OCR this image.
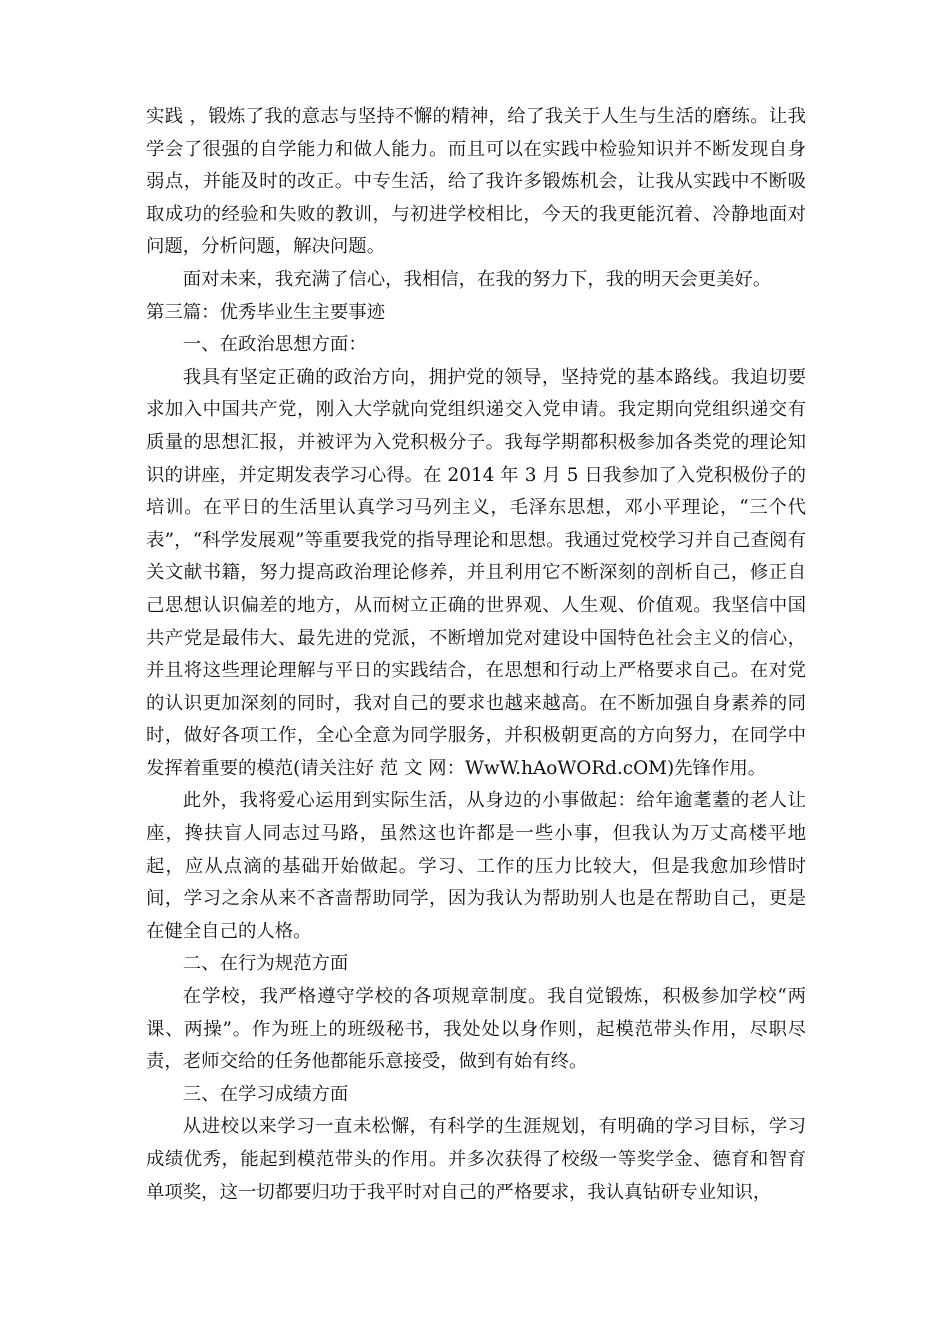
实践 ，锻炼了我的意志与坚持不懈的精神，给了我关于人生与生活的磨练。让我学会了很强的自学能力和做人能力。而且可以在实践中检验知识并不断发现自身弱点，并能及时的改正。中专生活，给了我许多锻炼机会，让我从实践中不断吸取成功的经验和失败的教训，与初进学校相比，今天的我更能沉着、冷静地面对问题，分析问题，解决问题。

面对未来，我充满了信心，我相信，在我的努力下，我的明天会更美好。

第三篇：优秀毕业生主要事迹

一、在政治思想方面：

我具有坚定正确的政治方向，拥护党的领导，坚持党的基本路线。我迫切要求加入中国共产党，刚入大学就向党组织递交入党申请。我定期向党组织递交有质量的思想汇报，并被评为入党积极分子。我每学期都积极参加各类党的理论知识的讲座，并定期发表学习心得。在 2014 年 3 月 5 日我参加了入党积极份子的培训。在平日的生活里认真学习马列主义，毛泽东思想，邓小平理论，“三个代表”，“科学发展观”等重要我党的指导理论和思想。我通过党校学习并自己查阅有关文献书籍，努力提高政治理论修养，并且利用它不断深刻的剖析自己，修正自己思想认识偏差的地方，从而树立正确的世界观、人生观、价值观。我坚信中国共产党是最伟大、最先进的党派，不断增加党对建设中国特色社会主义的信心，并且将这些理论理解与平日的实践结合，在思想和行动上严格要求自己。在对党的认识更加深刻的同时，我对自己的要求也越来越高。在不断加强自身素养的同时，做好各项工作，全心全意为同学服务，并积极朝更高的方向努力，在同学中发挥着重要的模范(请关注好 范 文 网：WwW.hAoWORd.cOM)先锋作用。

此外，我将爱心运用到实际生活，从身边的小事做起：给年逾耄耋的老人让座，搀扶盲人同志过马路，虽然这也许都是一些小事，但我认为万丈高楼平地起，应从点滴的基础开始做起。学习、工作的压力比较大，但是我愈加珍惜时间，学习之余从来不吝啬帮助同学，因为我认为帮助别人也是在帮助自己，更是在健全自己的人格。

二、在行为规范方面

在学校，我严格遵守学校的各项规章制度。我自觉锻炼，积极参加学校“两课、两操”。作为班上的班级秘书，我处处以身作则，起模范带头作用，尽职尽责，老师交给的任务他都能乐意接受，做到有始有终。

三、在学习成绩方面

从进校以来学习一直未松懈，有科学的生涯规划，有明确的学习目标，学习成绩优秀，能起到模范带头的作用。并多次获得了校级一等奖学金、德育和智育单项奖，这一切都要归功于我平时对自己的严格要求，我认真钻研专业知识，
